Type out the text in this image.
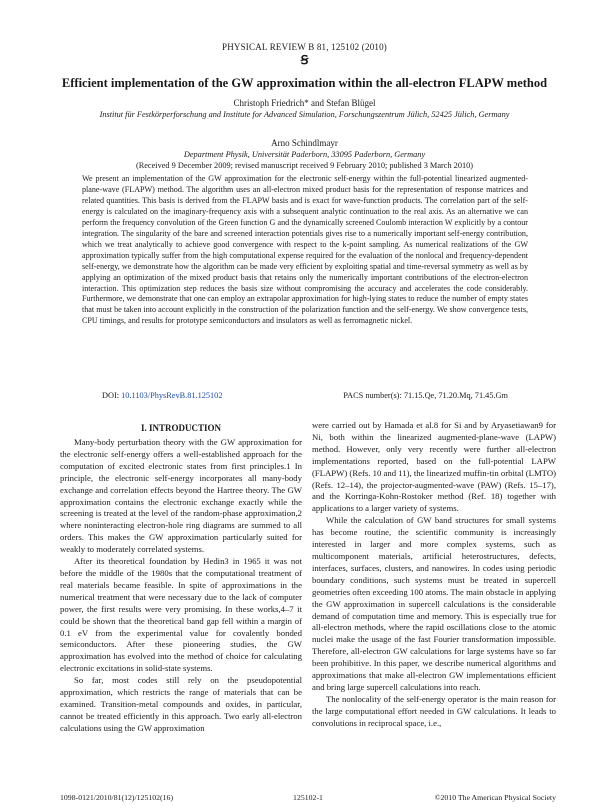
PHYSICAL REVIEW B 81, 125102 (2010)
Ꞩ
Efficient implementation of the GW approximation within the all-electron FLAPW method
Christoph Friedrich* and Stefan Blügel
Institut für Festkörperforschung and Institute for Advanced Simulation, Forschungszentrum Jülich, 52425 Jülich, Germany
Arno Schindlmayr
Department Physik, Universität Paderborn, 33095 Paderborn, Germany
(Received 9 December 2009; revised manuscript received 9 February 2010; published 3 March 2010)
We present an implementation of the GW approximation for the electronic self-energy within the full-potential linearized augmented-plane-wave (FLAPW) method. The algorithm uses an all-electron mixed product basis for the representation of response matrices and related quantities. This basis is derived from the FLAPW basis and is exact for wave-function products. The correlation part of the self-energy is calculated on the imaginary-frequency axis with a subsequent analytic continuation to the real axis. As an alternative we can perform the frequency convolution of the Green function G and the dynamically screened Coulomb interaction W explicitly by a contour integration. The singularity of the bare and screened interaction potentials gives rise to a numerically important self-energy contribution, which we treat analytically to achieve good convergence with respect to the k-point sampling. As numerical realizations of the GW approximation typically suffer from the high computational expense required for the evaluation of the nonlocal and frequency-dependent self-energy, we demonstrate how the algorithm can be made very efficient by exploiting spatial and time-reversal symmetry as well as by applying an optimization of the mixed product basis that retains only the numerically important contributions of the electron-electron interaction. This optimization step reduces the basis size without compromising the accuracy and accelerates the code considerably. Furthermore, we demonstrate that one can employ an extrapolar approximation for high-lying states to reduce the number of empty states that must be taken into account explicitly in the construction of the polarization function and the self-energy. We show convergence tests, CPU timings, and results for prototype semiconductors and insulators as well as ferromagnetic nickel.
DOI: 10.1103/PhysRevB.81.125102	PACS number(s): 71.15.Qe, 71.20.Mq, 71.45.Gm
I. INTRODUCTION

Many-body perturbation theory with the GW approximation for the electronic self-energy offers a well-established approach for the computation of excited electronic states from first principles.1 In principle, the electronic self-energy incorporates all many-body exchange and correlation effects beyond the Hartree theory. The GW approximation contains the electronic exchange exactly while the screening is treated at the level of the random-phase approximation,2 where noninteracting electron-hole ring diagrams are summed to all orders. This makes the GW approximation particularly suited for weakly to moderately correlated systems.

After its theoretical foundation by Hedin3 in 1965 it was not before the middle of the 1980s that the computational treatment of real materials became feasible. In spite of approximations in the numerical treatment that were necessary due to the lack of computer power, the first results were very promising. In these works,4–7 it could be shown that the theoretical band gap fell within a margin of 0.1 eV from the experimental value for covalently bonded semiconductors. After these pioneering studies, the GW approximation has evolved into the method of choice for calculating electronic excitations in solid-state systems.

So far, most codes still rely on the pseudopotential approximation, which restricts the range of materials that can be examined. Transition-metal compounds and oxides, in particular, cannot be treated efficiently in this approach. Two early all-electron calculations using the GW approximation

were carried out by Hamada et al.8 for Si and by Aryasetiawan9 for Ni, both within the linearized augmented-plane-wave (LAPW) method. However, only very recently were further all-electron implementations reported, based on the full-potential LAPW (FLAPW) (Refs. 10 and 11), the linearized muffin-tin orbital (LMTO) (Refs. 12–14), the projector-augmented-wave (PAW) (Refs. 15–17), and the Korringa-Kohn-Rostoker method (Ref. 18) together with applications to a larger variety of systems.

While the calculation of GW band structures for small systems has become routine, the scientific community is increasingly interested in larger and more complex systems, such as multicomponent materials, artificial heterostructures, defects, interfaces, surfaces, clusters, and nanowires. In codes using periodic boundary conditions, such systems must be treated in supercell geometries often exceeding 100 atoms. The main obstacle in applying the GW approximation in supercell calculations is the considerable demand of computation time and memory. This is especially true for all-electron methods, where the rapid oscillations close to the atomic nuclei make the usage of the fast Fourier transformation impossible. Therefore, all-electron GW calculations for large systems have so far been prohibitive. In this paper, we describe numerical algorithms and approximations that make all-electron GW implementations efficient and bring large supercell calculations into reach.

The nonlocality of the self-energy operator is the main reason for the large computational effort needed in GW calculations. It leads to convolutions in reciprocal space, i.e.,

1098-0121/2010/81(12)/125102(16)	125102-1	©2010 The American Physical Society
